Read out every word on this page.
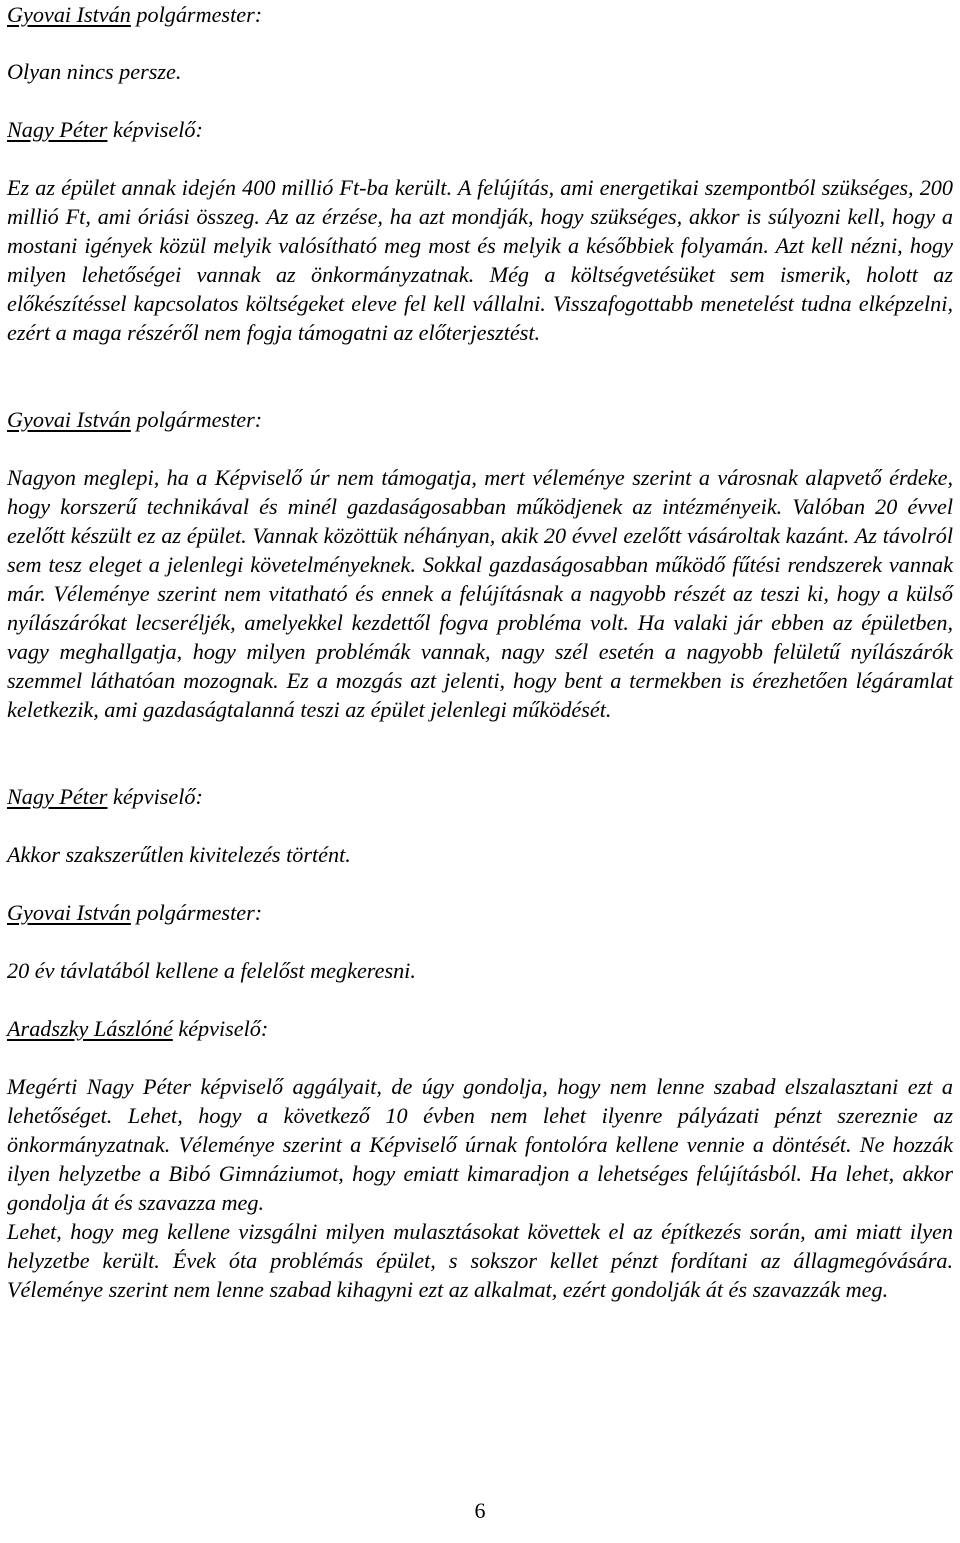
Gyovai István polgármester:

Olyan nincs persze.

Nagy Péter képviselő:

Ez az épület annak idején 400 millió Ft-ba került. A felújítás, ami energetikai szempontból szükséges, 200 millió Ft, ami óriási összeg. Az az érzése, ha azt mondják, hogy szükséges, akkor is súlyozni kell, hogy a mostani igények közül melyik valósítható meg most és melyik a későbbiek folyamán. Azt kell nézni, hogy milyen lehetőségei vannak az önkormányzatnak. Még a költségvetésüket sem ismerik, holott az előkészítéssel kapcsolatos költségeket eleve fel kell vállalni. Visszafogottabb menetelést tudna elképzelni, ezért a maga részéről nem fogja támogatni az előterjesztést.

Gyovai István polgármester:

Nagyon meglepi, ha a Képviselő úr nem támogatja, mert véleménye szerint a városnak alapvető érdeke, hogy korszerű technikával és minél gazdaságosabban működjenek az intézményeik. Valóban 20 évvel ezelőtt készült ez az épület. Vannak közöttük néhányan, akik 20 évvel ezelőtt vásároltak kazánt. Az távolról sem tesz eleget a jelenlegi követelményeknek. Sokkal gazdaságosabban működő fűtési rendszerek vannak már. Véleménye szerint nem vitatható és ennek a felújításnak a nagyobb részét az teszi ki, hogy a külső nyílászárókat lecseréljék, amelyekkel kezdettől fogva probléma volt. Ha valaki jár ebben az épületben, vagy meghallgatja, hogy milyen problémák vannak, nagy szél esetén a nagyobb felületű nyílászárók szemmel láthatóan mozognak. Ez a mozgás azt jelenti, hogy bent a termekben is érezhetően légáramlat keletkezik, ami gazdaságtalanná teszi az épület jelenlegi működését.

Nagy Péter képviselő:

Akkor szakszerűtlen kivitelezés történt.

Gyovai István polgármester:

20 év távlatából kellene a felelőst megkeresni.

Aradszky Lászlóné képviselő:

Megérti Nagy Péter képviselő aggályait, de úgy gondolja, hogy nem lenne szabad elszalasztani ezt a lehetőséget. Lehet, hogy a következő 10 évben nem lehet ilyenre pályázati pénzt szereznie az önkormányzatnak. Véleménye szerint a Képviselő úrnak fontolóra kellene vennie a döntését. Ne hozzák ilyen helyzetbe a Bibó Gimnáziumot, hogy emiatt kimaradjon a lehetséges felújításból. Ha lehet, akkor gondolja át és szavazza meg.

Lehet, hogy meg kellene vizsgálni milyen mulasztásokat követtek el az építkezés során, ami miatt ilyen helyzetbe került. Évek óta problémás épület, s sokszor kellet pénzt fordítani az állagmegóvására. Véleménye szerint nem lenne szabad kihagyni ezt az alkalmat, ezért gondolják át és szavazzák meg.

6
